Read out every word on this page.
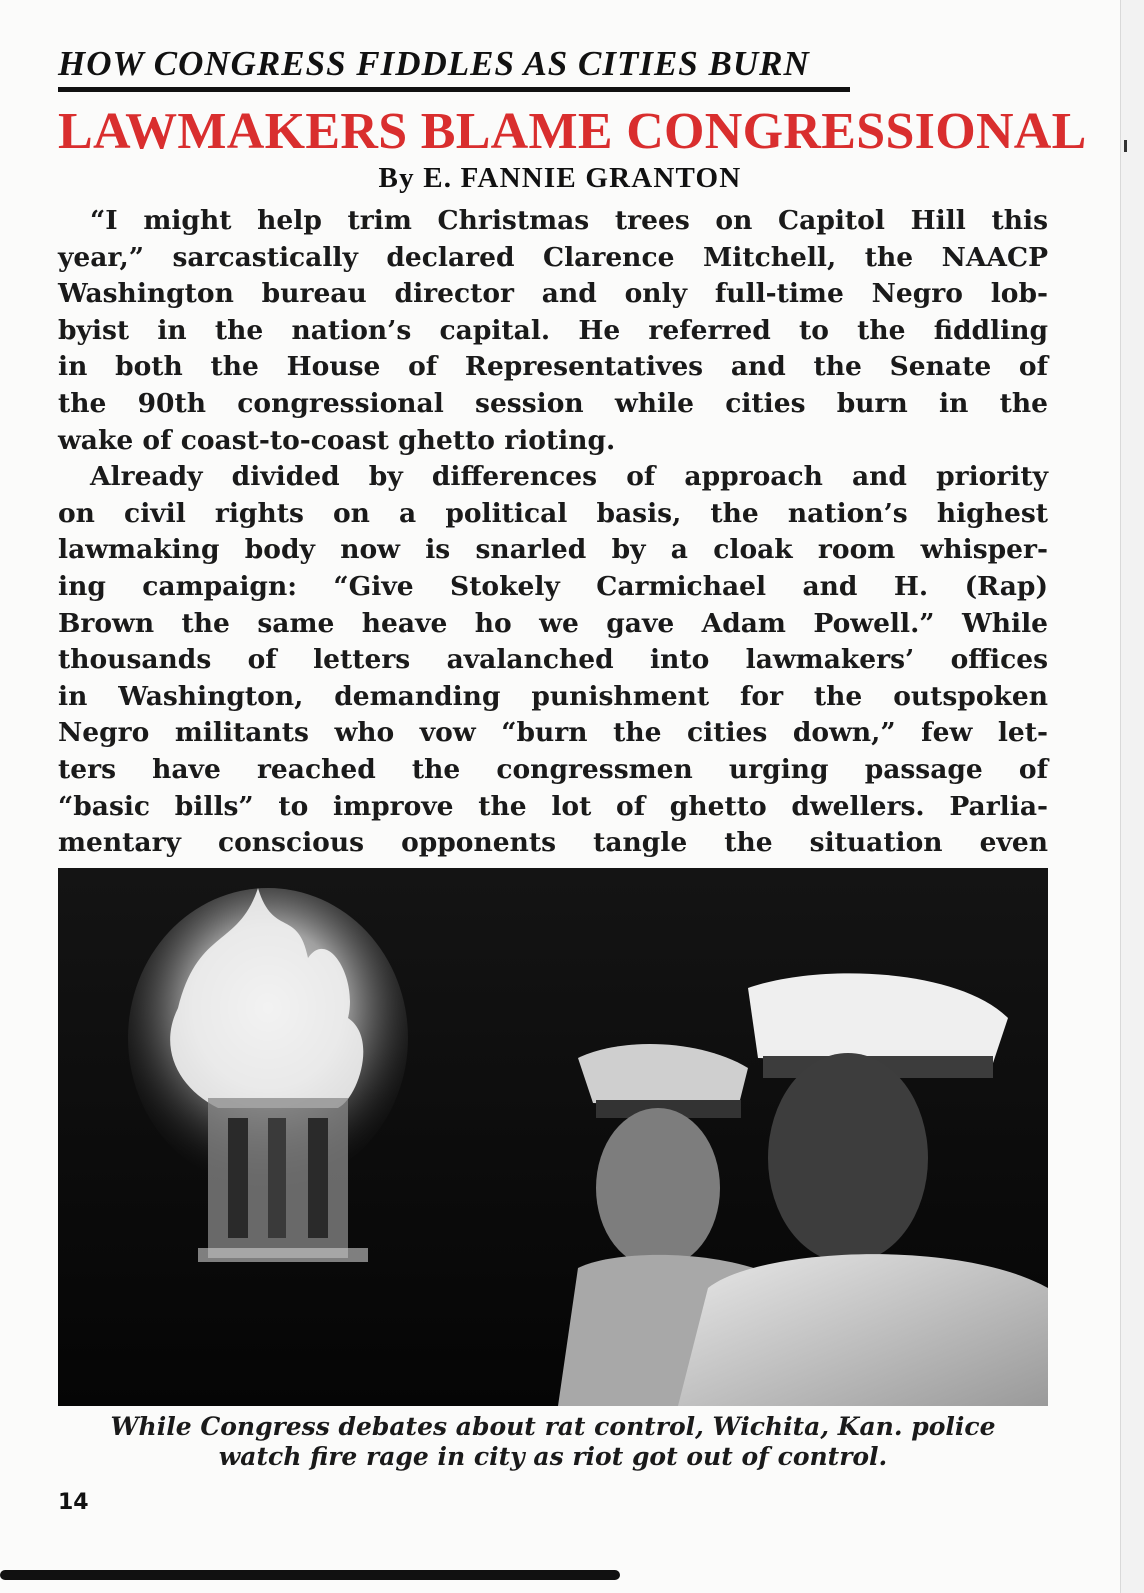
HOW CONGRESS FIDDLES AS CITIES BURN
LAWMAKERS BLAME CONGRESSIONAL
By E. FANNIE GRANTON

“I might help trim Christmas trees on Capitol Hill this
year,” sarcastically declared Clarence Mitchell, the NAACP
Washington bureau director and only full-time Negro lob-
byist in the nation’s capital. He referred to the fiddling
in both the House of Representatives and the Senate of
the 90th congressional session while cities burn in the
wake of coast-to-coast ghetto rioting.

Already divided by differences of approach and priority
on civil rights on a political basis, the nation’s highest
lawmaking body now is snarled by a cloak room whisper-
ing campaign: “Give Stokely Carmichael and H. (Rap)
Brown the same heave ho we gave Adam Powell.” While
thousands of letters avalanched into lawmakers’ offices
in Washington, demanding punishment for the outspoken
Negro militants who vow “burn the cities down,” few let-
ters have reached the congressmen urging passage of
“basic bills” to improve the lot of ghetto dwellers. Parlia-
mentary conscious opponents tangle the situation even

While Congress debates about rat control, Wichita, Kan. police
watch fire rage in city as riot got out of control.
14
